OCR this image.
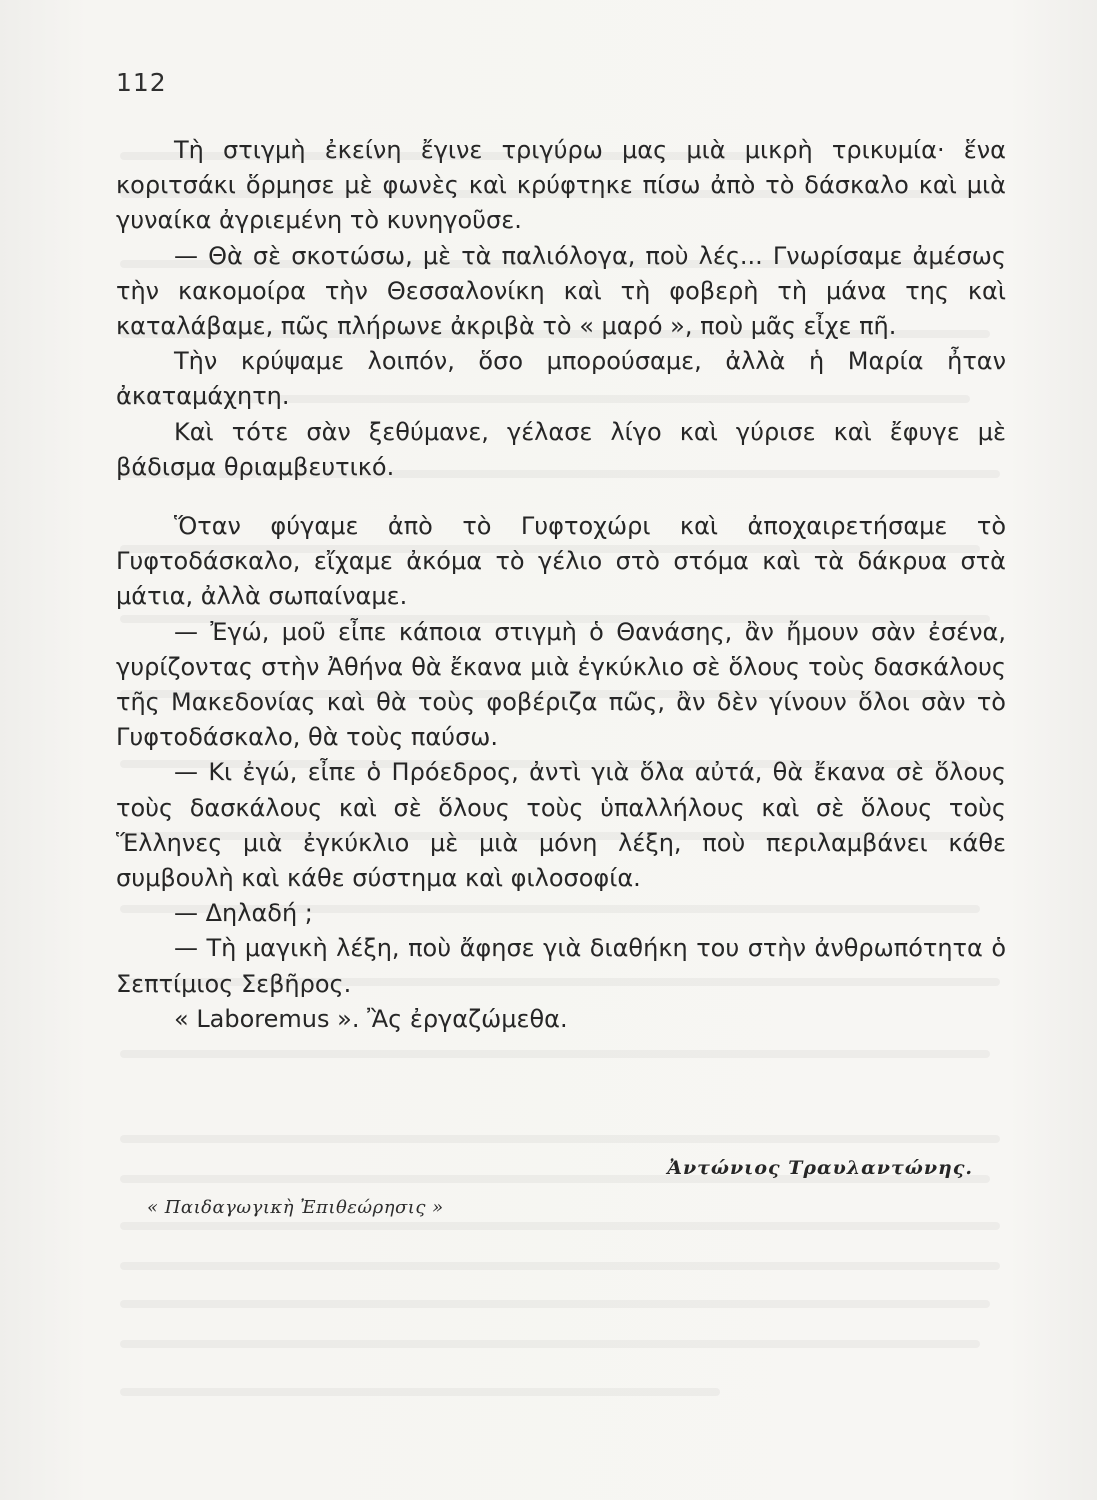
112

Τὴ στιγμὴ ἐκείνη ἔγινε τριγύρω μας μιὰ μικρὴ τρικυμία· ἕνα κοριτσάκι ὅρμησε μὲ φωνὲς καὶ κρύφτηκε πίσω ἀπὸ τὸ δάσκαλο καὶ μιὰ γυναίκα ἀγριεμένη τὸ κυνηγοῦσε.

— Θὰ σὲ σκοτώσω, μὲ τὰ παλιόλογα, ποὺ λές... Γνωρίσαμε ἀμέσως τὴν κακομοίρα τὴν Θεσσαλονίκη καὶ τὴ φοβερὴ τὴ μάνα της καὶ καταλάβαμε, πῶς πλήρωνε ἀκριβὰ τὸ « μαρό », ποὺ μᾶς εἶχε πῆ.

Τὴν κρύψαμε λοιπόν, ὅσο μπορούσαμε, ἀλλὰ ἡ Μαρία ἦταν ἀκαταμάχητη.

Καὶ τότε σὰν ξεθύμανε, γέλασε λίγο καὶ γύρισε καὶ ἔφυγε μὲ βάδισμα θριαμβευτικό.

Ὅταν φύγαμε ἀπὸ τὸ Γυφτοχώρι καὶ ἀποχαιρετήσαμε τὸ Γυφτοδάσκαλο, εἴχαμε ἀκόμα τὸ γέλιο στὸ στόμα καὶ τὰ δάκρυα στὰ μάτια, ἀλλὰ σωπαίναμε.

— Ἐγώ, μοῦ εἶπε κάποια στιγμὴ ὁ Θανάσης, ἂν ἤμουν σὰν ἐσένα, γυρίζοντας στὴν Ἀθήνα θὰ ἔκανα μιὰ ἐγκύκλιο σὲ ὅλους τοὺς δασκάλους τῆς Μακεδονίας καὶ θὰ τοὺς φοβέριζα πῶς, ἂν δὲν γίνουν ὅλοι σὰν τὸ Γυφτοδάσκαλο, θὰ τοὺς παύσω.

— Κι ἐγώ, εἶπε ὁ Πρόεδρος, ἀντὶ γιὰ ὅλα αὐτά, θὰ ἔκανα σὲ ὅλους τοὺς δασκάλους καὶ σὲ ὅλους τοὺς ὑπαλλήλους καὶ σὲ ὅλους τοὺς Ἕλληνες μιὰ ἐγκύκλιο μὲ μιὰ μόνη λέξη, ποὺ περιλαμβάνει κάθε συμβουλὴ καὶ κάθε σύστημα καὶ φιλοσοφία.

— Δηλαδή ;

— Τὴ μαγικὴ λέξη, ποὺ ἄφησε γιὰ διαθήκη του στὴν ἀνθρωπότητα ὁ Σεπτίμιος Σεβῆρος.

« Laboremus ». Ἂς ἐργαζώμεθα.

Ἀντώνιος Τραυλαντώνης.
« Παιδαγωγικὴ Ἐπιθεώρησις »
